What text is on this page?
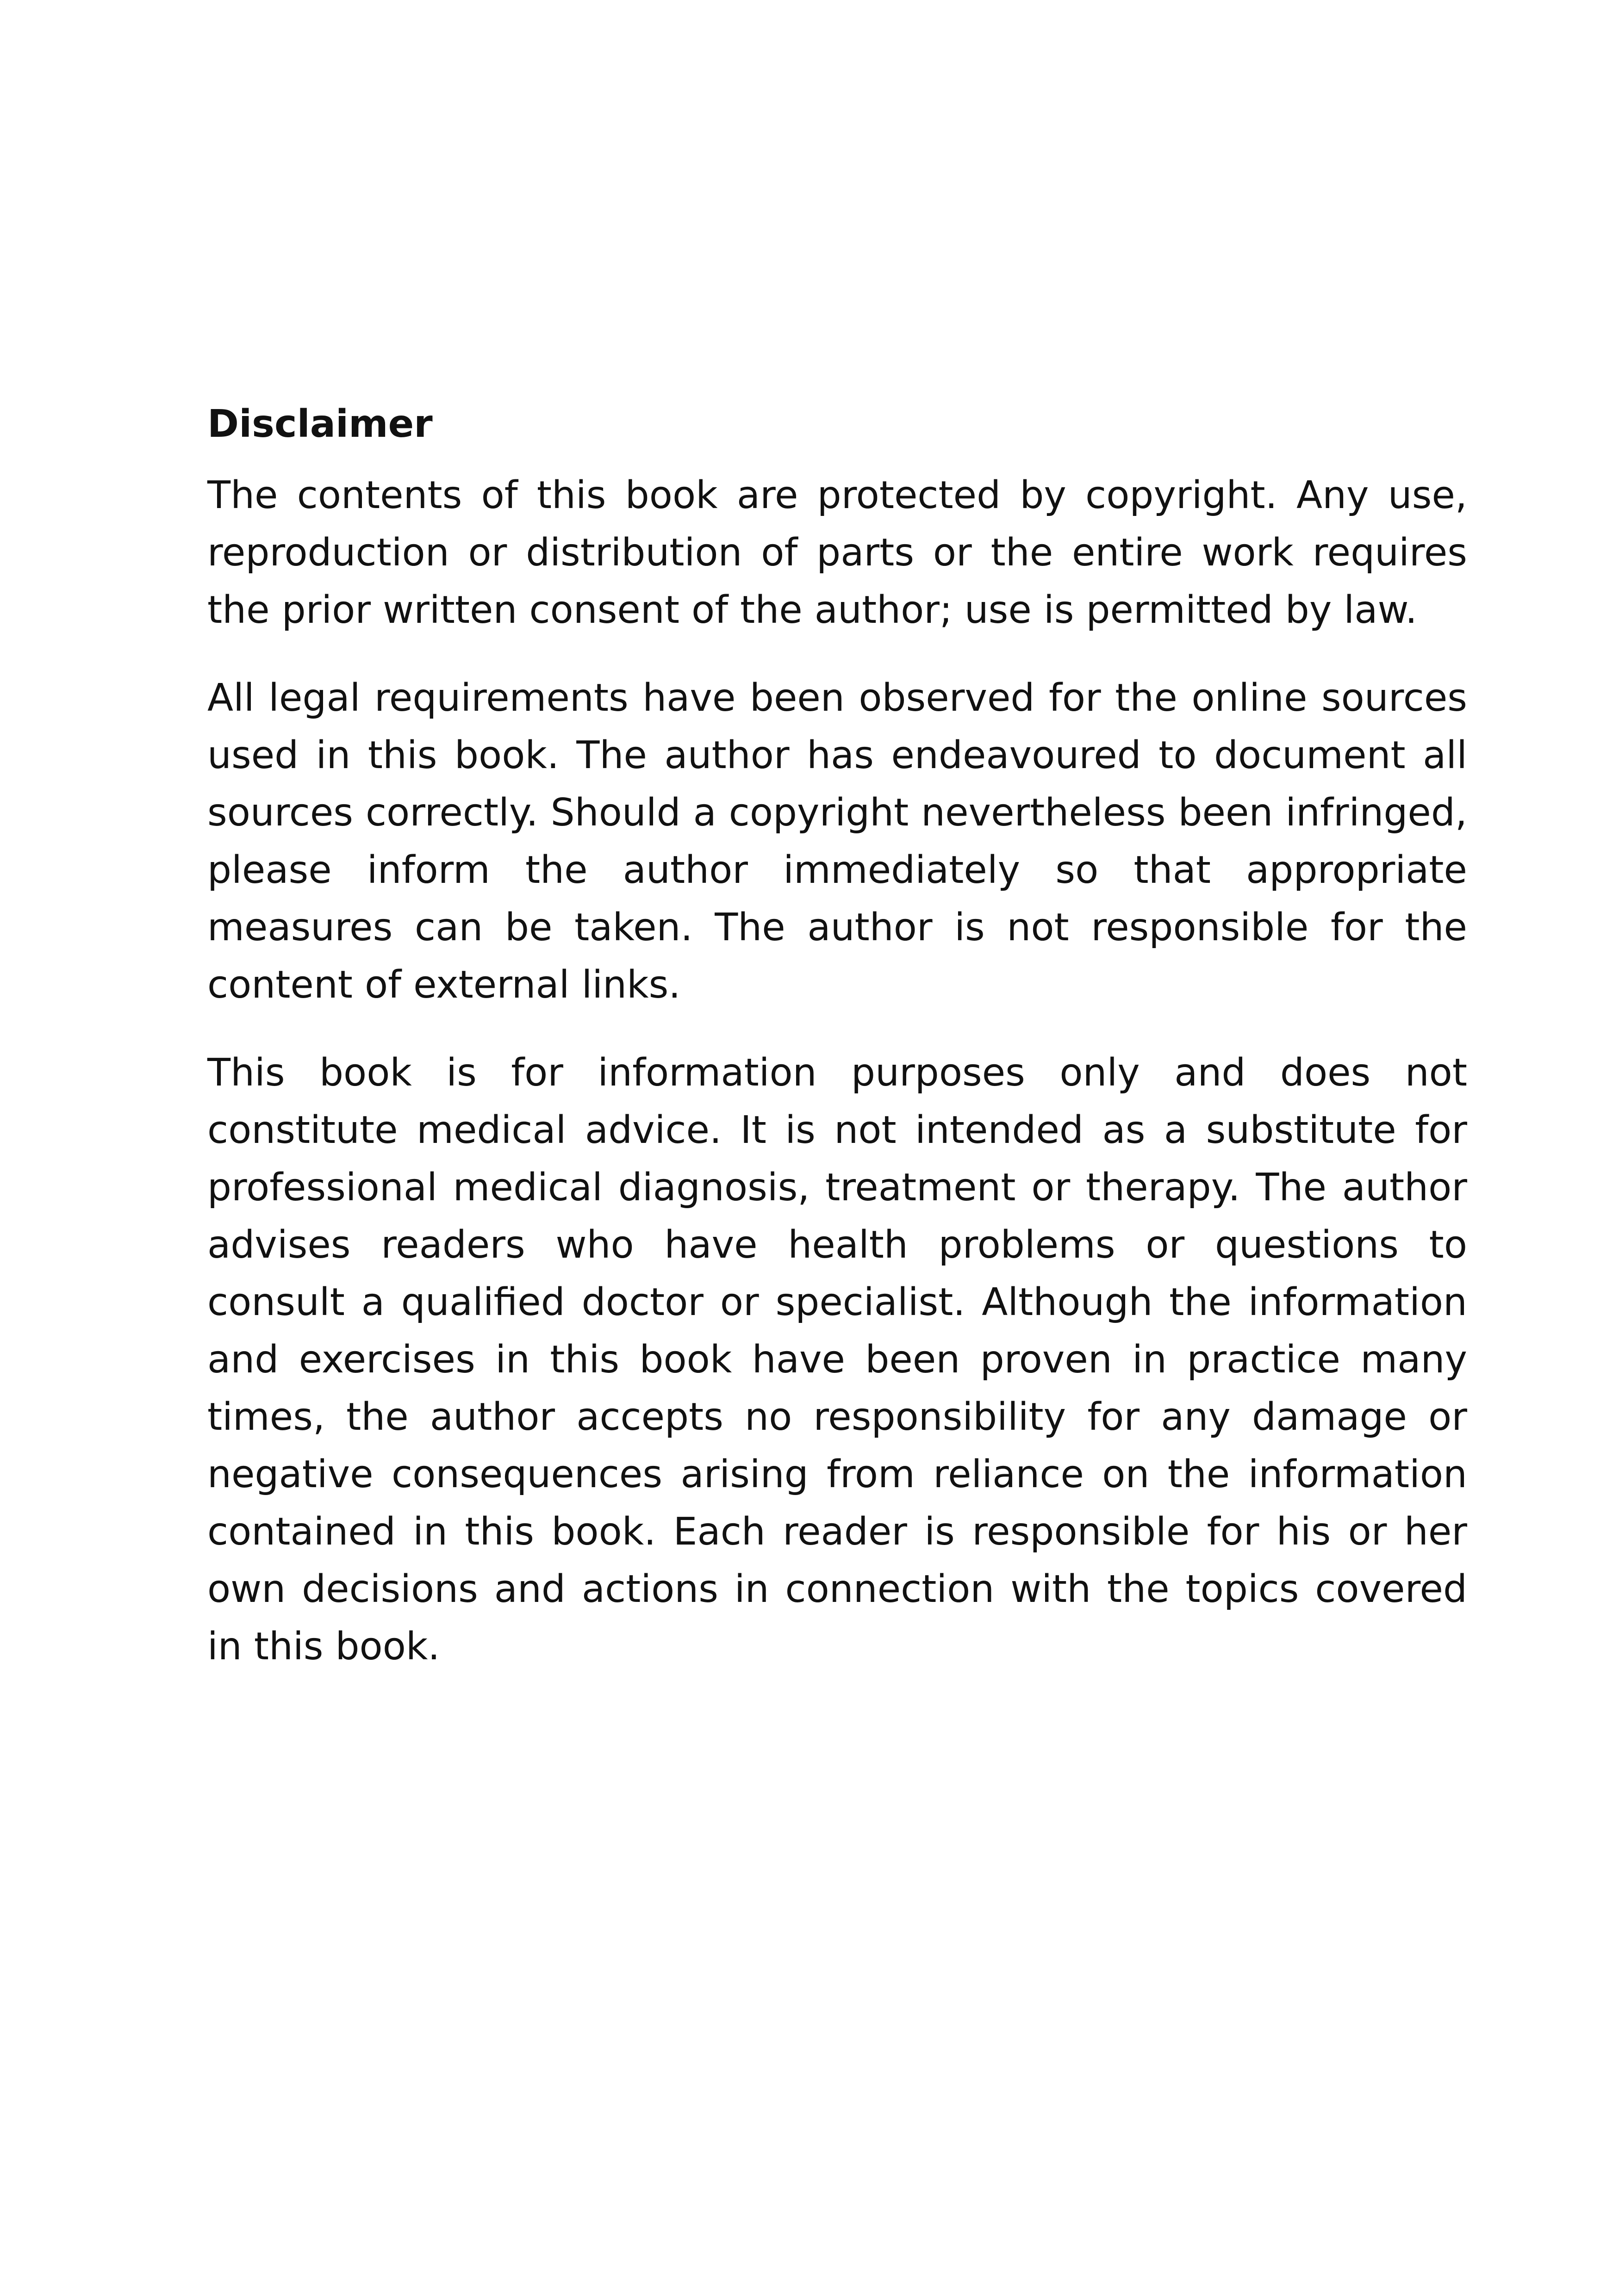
Disclaimer

The contents of this book are protected by copyright. Any use, reproduction or distribution of parts or the entire work requires the prior written consent of the author; use is permitted by law.

All legal requirements have been observed for the online sources used in this book. The author has endeavoured to document all sources correctly. Should a copyright nevertheless been infringed, please inform the author immediately so that appropriate measures can be taken. The author is not responsible for the content of external links.

This book is for information purposes only and does not constitute medical advice. It is not intended as a substitute for professional medical diagnosis, treatment or therapy. The author advises readers who have health problems or questions to consult a qualified doctor or specialist. Although the information and exercises in this book have been proven in practice many times, the author accepts no responsibility for any damage or negative consequences arising from reliance on the information contained in this book. Each reader is responsible for his or her own decisions and actions in connection with the topics covered in this book.
